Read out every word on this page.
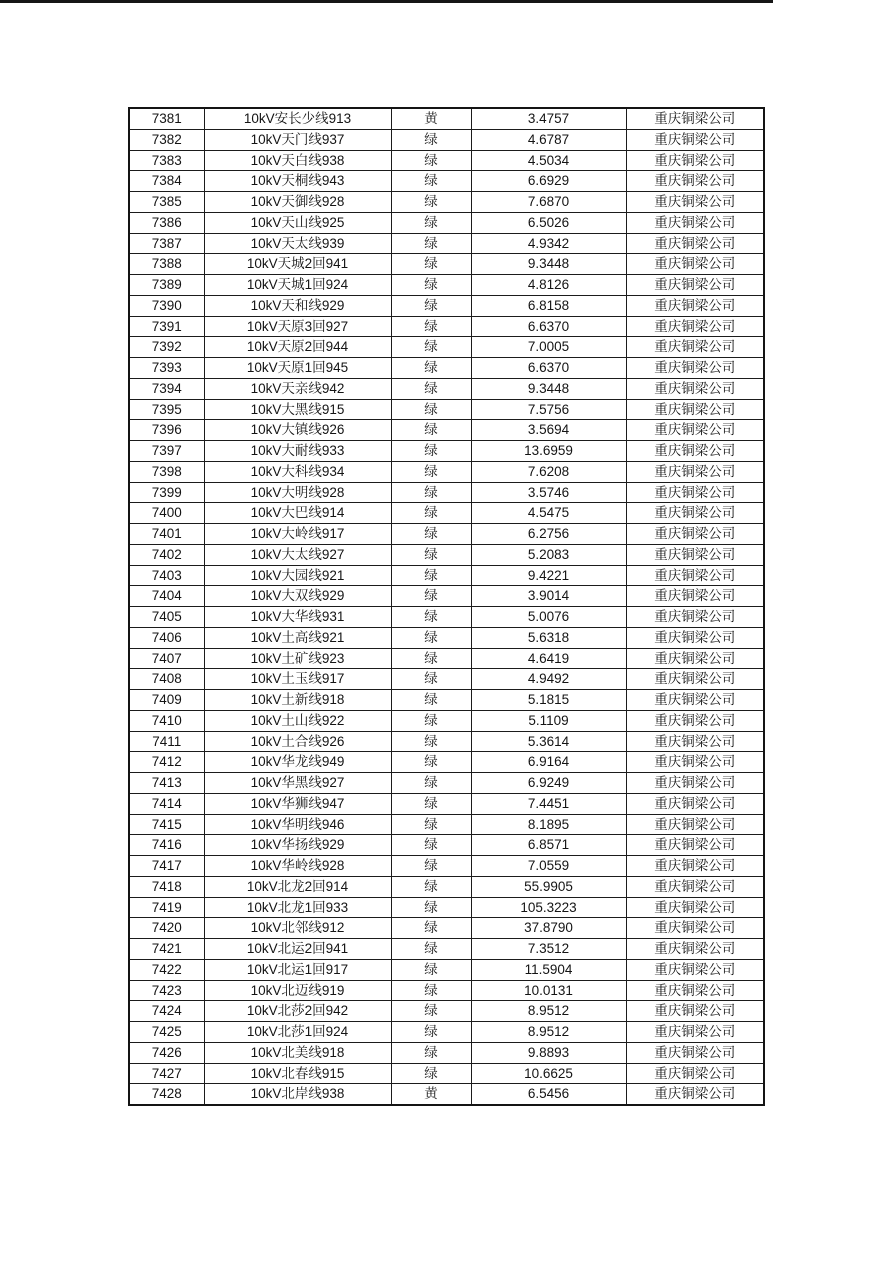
7381	10kV安长少线913	黄	3.4757	重庆铜梁公司
7382	10kV天门线937	绿	4.6787	重庆铜梁公司
7383	10kV天白线938	绿	4.5034	重庆铜梁公司
7384	10kV天桐线943	绿	6.6929	重庆铜梁公司
7385	10kV天御线928	绿	7.6870	重庆铜梁公司
7386	10kV天山线925	绿	6.5026	重庆铜梁公司
7387	10kV天太线939	绿	4.9342	重庆铜梁公司
7388	10kV天城2回941	绿	9.3448	重庆铜梁公司
7389	10kV天城1回924	绿	4.8126	重庆铜梁公司
7390	10kV天和线929	绿	6.8158	重庆铜梁公司
7391	10kV天原3回927	绿	6.6370	重庆铜梁公司
7392	10kV天原2回944	绿	7.0005	重庆铜梁公司
7393	10kV天原1回945	绿	6.6370	重庆铜梁公司
7394	10kV天亲线942	绿	9.3448	重庆铜梁公司
7395	10kV大黑线915	绿	7.5756	重庆铜梁公司
7396	10kV大镇线926	绿	3.5694	重庆铜梁公司
7397	10kV大耐线933	绿	13.6959	重庆铜梁公司
7398	10kV大科线934	绿	7.6208	重庆铜梁公司
7399	10kV大明线928	绿	3.5746	重庆铜梁公司
7400	10kV大巴线914	绿	4.5475	重庆铜梁公司
7401	10kV大岭线917	绿	6.2756	重庆铜梁公司
7402	10kV大太线927	绿	5.2083	重庆铜梁公司
7403	10kV大园线921	绿	9.4221	重庆铜梁公司
7404	10kV大双线929	绿	3.9014	重庆铜梁公司
7405	10kV大华线931	绿	5.0076	重庆铜梁公司
7406	10kV土高线921	绿	5.6318	重庆铜梁公司
7407	10kV土矿线923	绿	4.6419	重庆铜梁公司
7408	10kV土玉线917	绿	4.9492	重庆铜梁公司
7409	10kV土新线918	绿	5.1815	重庆铜梁公司
7410	10kV土山线922	绿	5.1109	重庆铜梁公司
7411	10kV土合线926	绿	5.3614	重庆铜梁公司
7412	10kV华龙线949	绿	6.9164	重庆铜梁公司
7413	10kV华黑线927	绿	6.9249	重庆铜梁公司
7414	10kV华狮线947	绿	7.4451	重庆铜梁公司
7415	10kV华明线946	绿	8.1895	重庆铜梁公司
7416	10kV华扬线929	绿	6.8571	重庆铜梁公司
7417	10kV华岭线928	绿	7.0559	重庆铜梁公司
7418	10kV北龙2回914	绿	55.9905	重庆铜梁公司
7419	10kV北龙1回933	绿	105.3223	重庆铜梁公司
7420	10kV北邻线912	绿	37.8790	重庆铜梁公司
7421	10kV北运2回941	绿	7.3512	重庆铜梁公司
7422	10kV北运1回917	绿	11.5904	重庆铜梁公司
7423	10kV北迈线919	绿	10.0131	重庆铜梁公司
7424	10kV北莎2回942	绿	8.9512	重庆铜梁公司
7425	10kV北莎1回924	绿	8.9512	重庆铜梁公司
7426	10kV北美线918	绿	9.8893	重庆铜梁公司
7427	10kV北春线915	绿	10.6625	重庆铜梁公司
7428	10kV北岸线938	黄	6.5456	重庆铜梁公司
